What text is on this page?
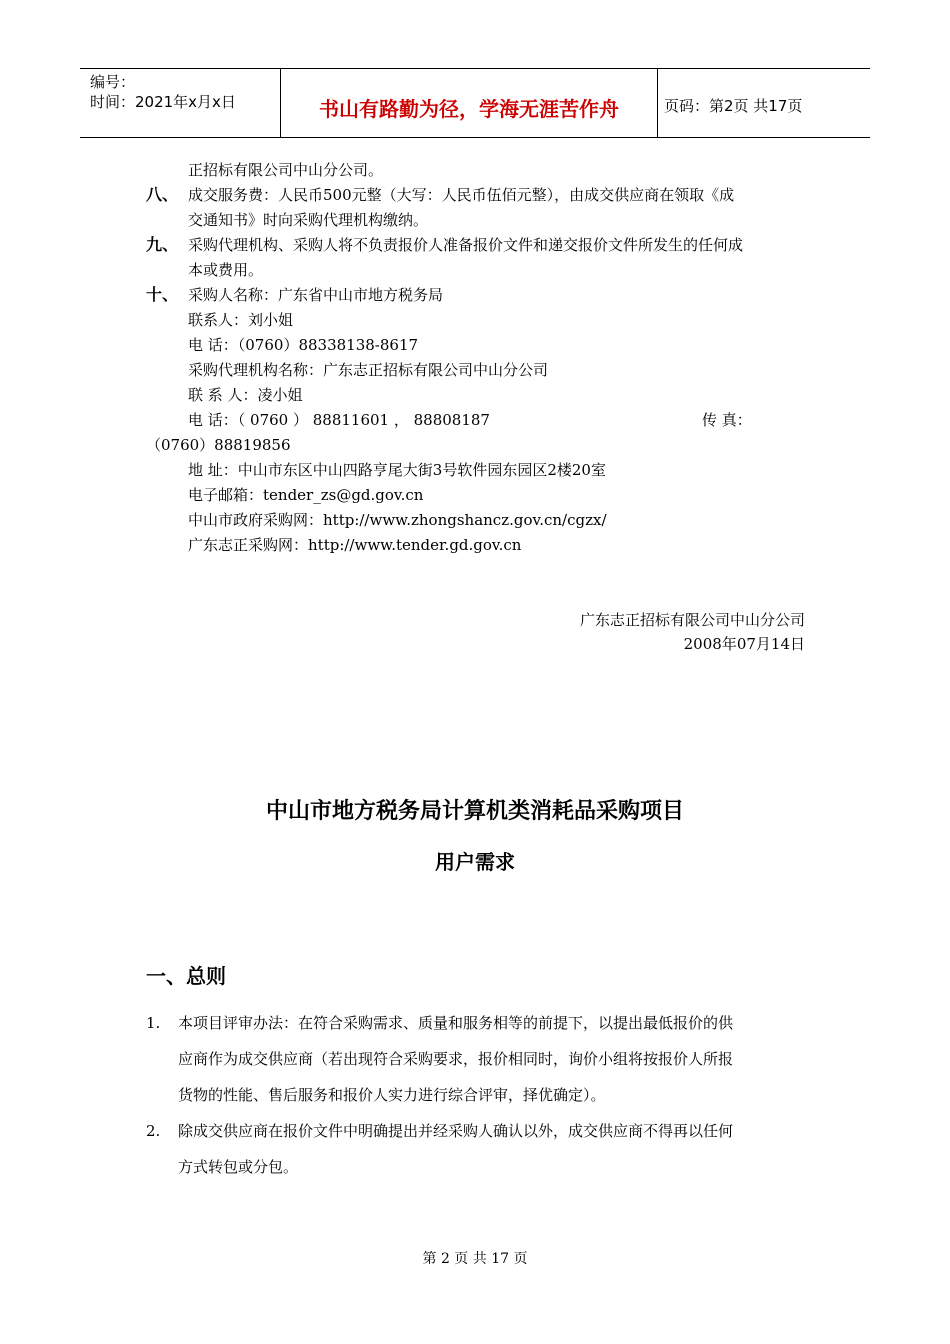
编号：
时间：2021年x月x日	书山有路勤为径，学海无涯苦作舟	页码：第2页 共17页
正招标有限公司中山分公司。
八、 成交服务费：人民币500元整（大写：人民币伍佰元整），由成交供应商在领取《成
交通知书》时向采购代理机构缴纳。
九、 采购代理机构、采购人将不负责报价人准备报价文件和递交报价文件所发生的任何成
本或费用。
十、 采购人名称：广东省中山市地方税务局
联系人：刘小姐
电 话：（0760）88338138-8617
采购代理机构名称：广东志正招标有限公司中山分公司
联 系 人：凌小姐
电 话：（ 0760 ） 88811601 ， 88808187	传 真：
（0760）88819856
地 址：中山市东区中山四路亨尾大街3号软件园东园区2楼20室
电子邮箱：tender_zs@gd.gov.cn
中山市政府采购网：http://www.zhongshancz.gov.cn/cgzx/
广东志正采购网：http://www.tender.gd.gov.cn
广东志正招标有限公司中山分公司
2008年07月14日
中山市地方税务局计算机类消耗品采购项目
用户需求
一、总则
1. 本项目评审办法：在符合采购需求、质量和服务相等的前提下，以提出最低报价的供
应商作为成交供应商（若出现符合采购要求，报价相同时，询价小组将按报价人所报
货物的性能、售后服务和报价人实力进行综合评审，择优确定）。
2. 除成交供应商在报价文件中明确提出并经采购人确认以外，成交供应商不得再以任何
方式转包或分包。
第 2 页 共 17 页
